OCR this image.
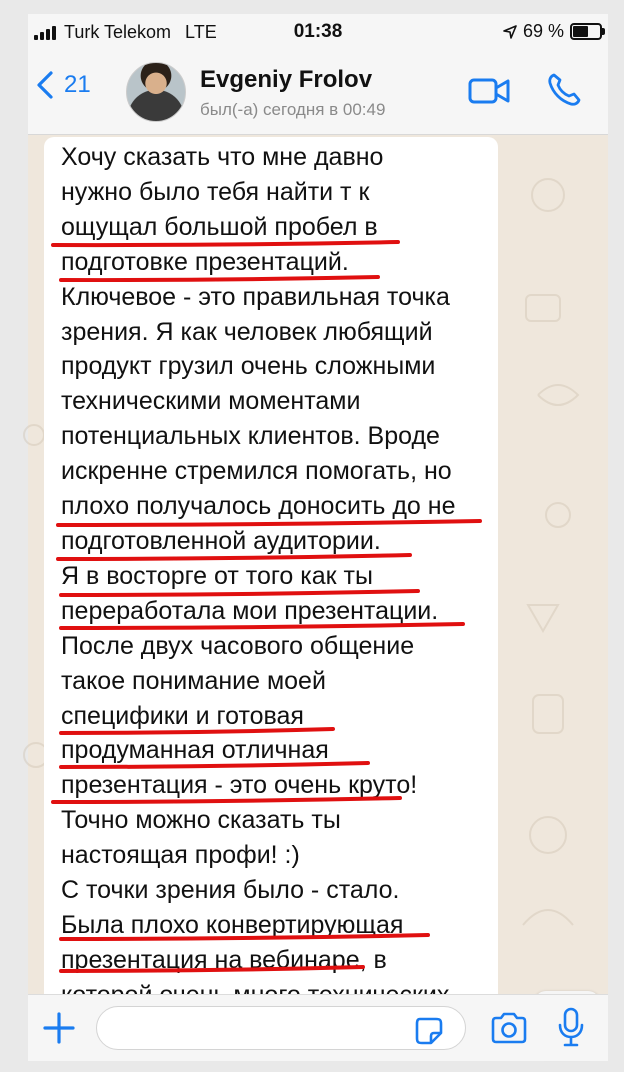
Turk Telekom LTE	01:38	69 %
21	Evgeniy Frolov
был(-а) сегодня в 00:49
Хочу сказать что мне давно
нужно было тебя найти т к
ощущал большой пробел в
подготовке презентаций.
Ключевое - это правильная точка
зрения. Я как человек любящий
продукт грузил очень сложными
техническими моментами
потенциальных клиентов. Вроде
искренне стремился помогать, но
плохо получалось доносить до не
подготовленной аудитории.
Я в восторге от того как ты
переработала мои презентации.
После двух часового общение
такое понимание моей
специфики и готовая
продуманная отличная
презентация - это очень круто!
Точно можно сказать ты
настоящая профи! :)
С точки зрения было - стало.
Была плохо конвертирующая
презентация на вебинаре, в
